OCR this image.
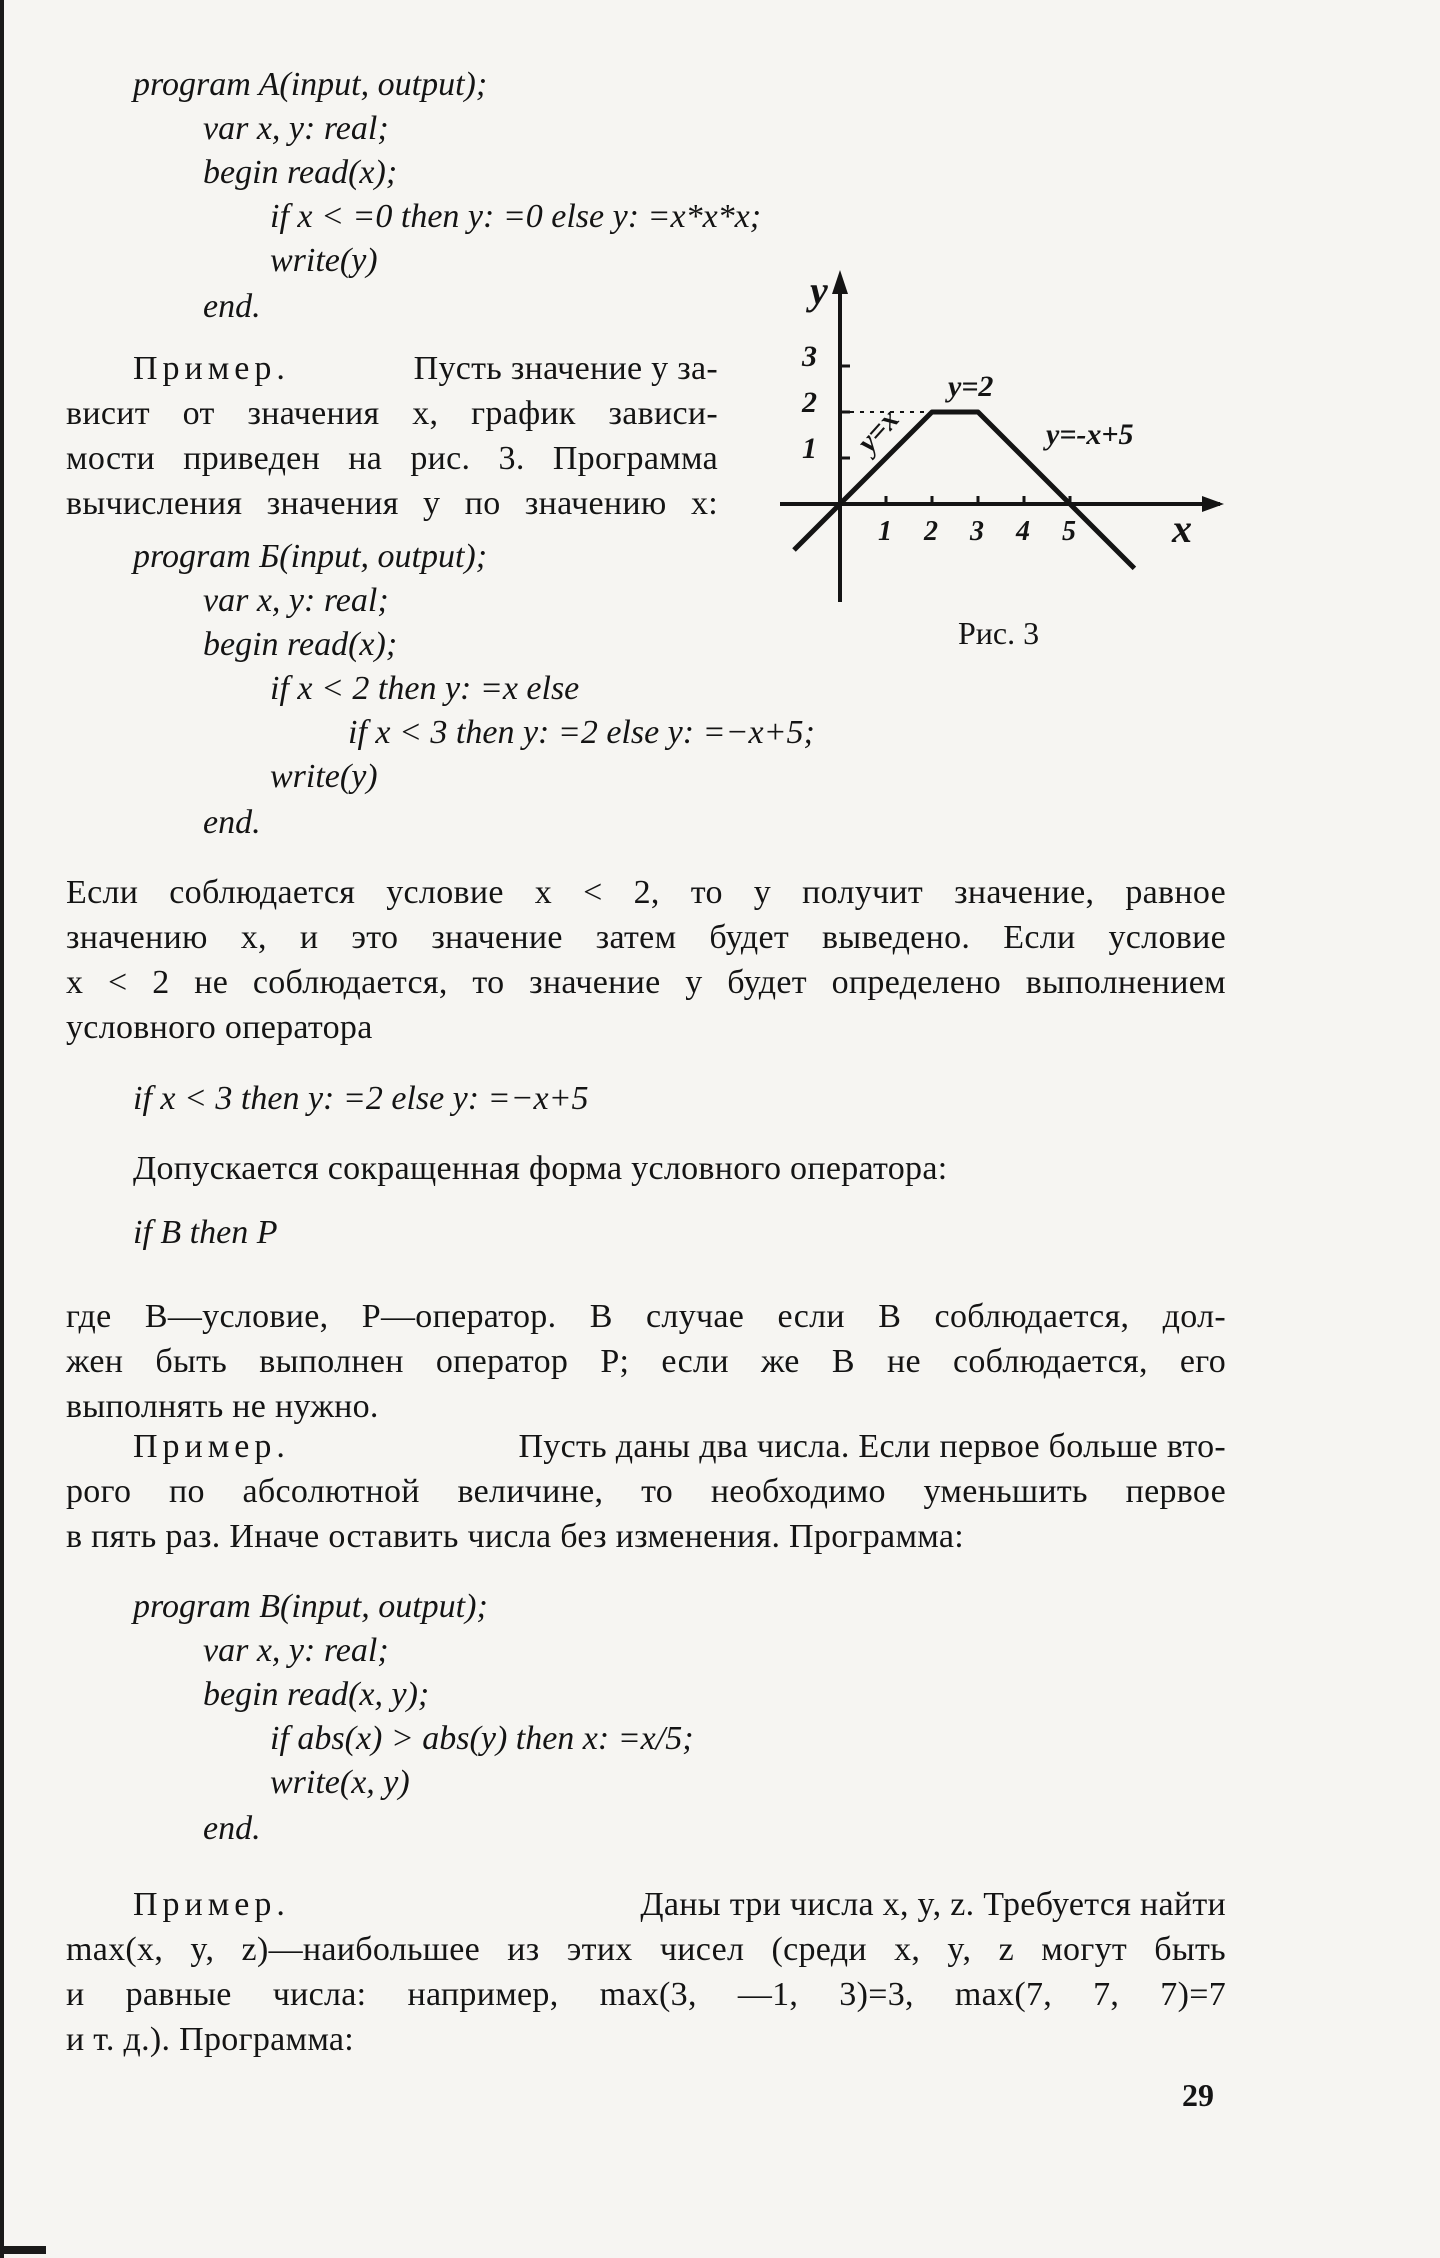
program A(input, output);
var x, y: real;
begin read(x);
if x < =0 then y: =0 else y: =x*x*x;
write(y)
end.
Пример.	Пусть значение y за-
висит от значения x, график зависи-
мости приведен на рис. 3. Программа
вычисления значения y по значению x:
y
x
3
2
1
1 2 3 4 5
y=x
y=2
y=-x+5
Рис. 3
program Б(input, output);
var x, y: real;
begin read(x);
if x < 2 then y: =x else
if x < 3 then y: =2 else y: =−x+5;
write(y)
end.
Если соблюдается условие x < 2, то y получит значение, равное
значению x, и это значение затем будет выведено. Если условие
x < 2 не соблюдается, то значение y будет определено выполнением
условного оператора
if x < 3 then y: =2 else y: =−x+5
Допускается сокращенная форма условного оператора:
if B then P
где B—условие, P—оператор. В случае если B соблюдается, дол-
жен быть выполнен оператор P; если же B не соблюдается, его
выполнять не нужно.
Пример.	Пусть даны два числа. Если первое больше вто-
рого по абсолютной величине, то необходимо уменьшить первое
в пять раз. Иначе оставить числа без изменения. Программа:
program B(input, output);
var x, y: real;
begin read(x, y);
if abs(x) > abs(y) then x: =x/5;
write(x, y)
end.
Пример.	Даны три числа x, y, z. Требуется найти
max(x, y, z)—наибольшее из этих чисел (среди x, y, z могут быть
и равные числа: например, max(3, —1, 3)=3, max(7, 7, 7)=7
и т. д.). Программа:
29
